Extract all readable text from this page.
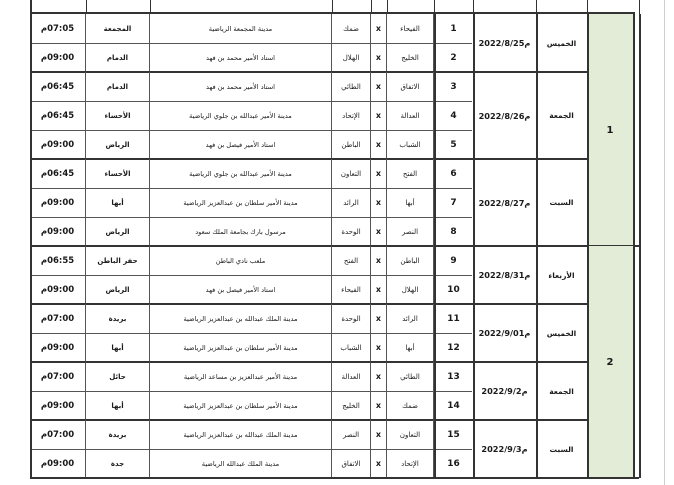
07:05م	المجمعة	مدينة المجمعة الرياضية	ضمك	x	الفيحاء	1
09:00م	الدمام	استاد الأمير محمد بن فهد	الهلال	x	الخليج	2
2022/8/25م	الخميس
06:45م	الدمام	استاد الأمير محمد بن فهد	الطائي	x	الاتفاق	3
06:45م	الأحساء	مدينة الأمير عبدالله بن جلوي الرياضية	الإتحاد	x	العدالة	4
09:00م	الرياض	استاد الأمير فيصل بن فهد	الباطن	x	الشباب	5
2022/8/26م	الجمعة
06:45م	الأحساء	مدينة الأمير عبدالله بن جلوي الرياضية	التعاون	x	الفتح	6
09:00م	أبها	مدينة الأمير سلطان بن عبدالعزيز الرياضية	الرائد	x	أبها	7
09:00م	الرياض	مرسول بارك بجامعة الملك سعود	الوحدة	x	النصر	8
2022/8/27م	السبت
1
06:55م	حفر الباطن	ملعب نادي الباطن	الفتح	x	الباطن	9
09:00م	الرياض	استاد الأمير فيصل بن فهد	الفيحاء	x	الهلال	10
2022/8/31م	الأربعاء
07:00م	بريدة	مدينة الملك عبدالله بن عبدالعزيز الرياضية	الوحدة	x	الرائد	11
09:00م	أبها	مدينة الأمير سلطان بن عبدالعزيز الرياضية	الشباب	x	أبها	12
2022/9/01م	الخميس
07:00م	حائل	مدينة الأمير عبدالعزيز بن مساعد الرياضية	العدالة	x	الطائي	13
09:00م	أبها	مدينة الأمير سلطان بن عبدالعزيز الرياضية	الخليج	x	ضمك	14
2022/9/2م	الجمعة
07:00م	بريدة	مدينة الملك عبدالله بن عبدالعزيز الرياضية	النصر	x	التعاون	15
09:00م	جدة	مدينة الملك عبدالله الرياضية	الاتفاق	x	الإتحاد	16
2022/9/3م	السبت
2
